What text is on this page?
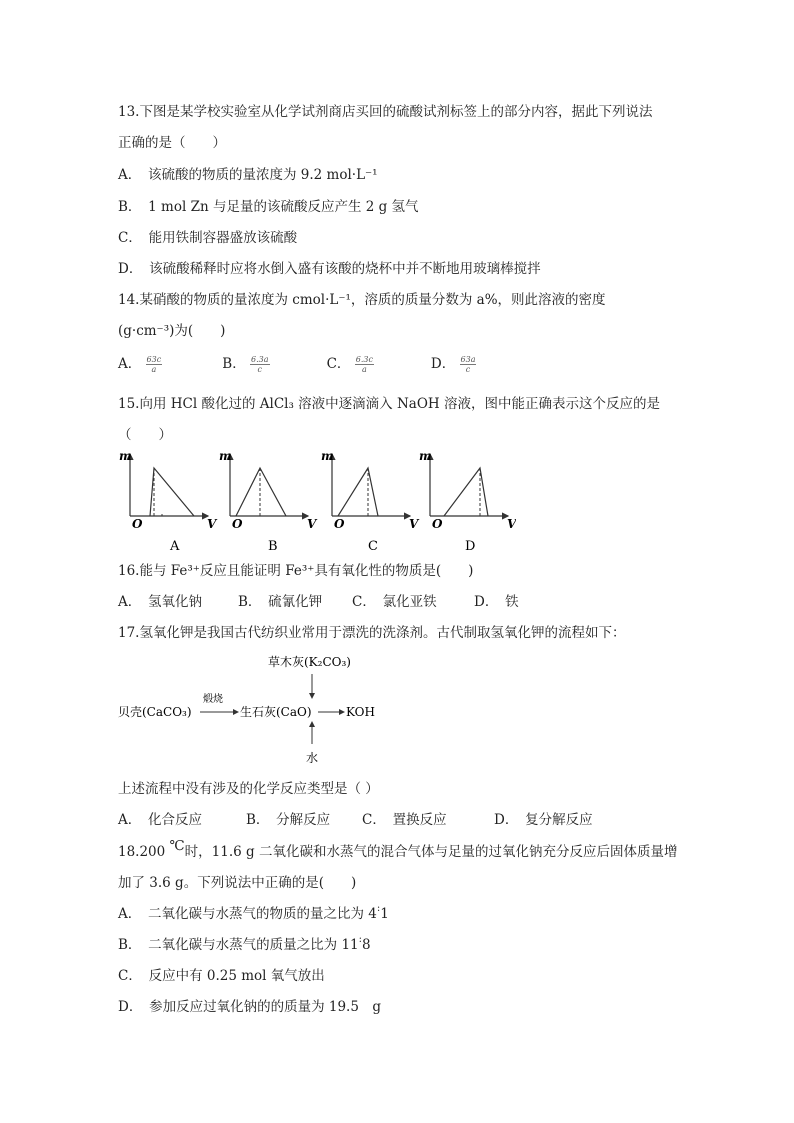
13.下图是某学校实验室从化学试剂商店买回的硫酸试剂标签上的部分内容，据此下列说法
正确的是（　　）
A．　该硫酸的物质的量浓度为 9.2 mol·L⁻¹
B．　1 mol Zn 与足量的该硫酸反应产生 2 g 氢气
C．　能用铁制容器盛放该硫酸
D．　该硫酸稀释时应将水倒入盛有该酸的烧杯中并不断地用玻璃棒搅拌
14.某硝酸的物质的量浓度为 cmol·L⁻¹，溶质的质量分数为 a%，则此溶液的密度
(g·cm⁻³)为(　　)
A． $\frac{63c}{a}$	B． $\frac{6.3a}{c}$	C． $\frac{6.3c}{a}$	D． $\frac{63a}{c}$
15.向用 HCl 酸化过的 AlCl₃ 溶液中逐滴滴入 NaOH 溶液，图中能正确表示这个反应的是
（　　）
m
V
O
A
m
V
O
B
m
V
O
C
m
V
O
D
16.能与 Fe³⁺反应且能证明 Fe³⁺具有氧化性的物质是(　　)
A．　氢氧化钠	B．　硫氰化钾 C．　氯化亚铁	D．　铁
17.氢氧化钾是我国古代纺织业常用于漂洗的洗涤剂。古代制取氢氧化钾的流程如下：
草木灰(K₂CO₃)
贝壳(CaCO₃)
煅烧
生石灰(CaO)	KOH
水
上述流程中没有涉及的化学反应类型是（ ）
A．　化合反应	B．　分解反应 C．　置换反应	D．　复分解反应
18.200 ℃时，11.6 g 二氧化碳和水蒸气的混合气体与足量的过氧化钠充分反应后固体质量增
加了 3.6 g。下列说法中正确的是(　　)
A．　二氧化碳与水蒸气的物质的量之比为 4:1
B．　二氧化碳与水蒸气的质量之比为 11:8
C．　反应中有 0.25 mol 氧气放出
D．　参加反应过氧化钠的的质量为 19.5　g
